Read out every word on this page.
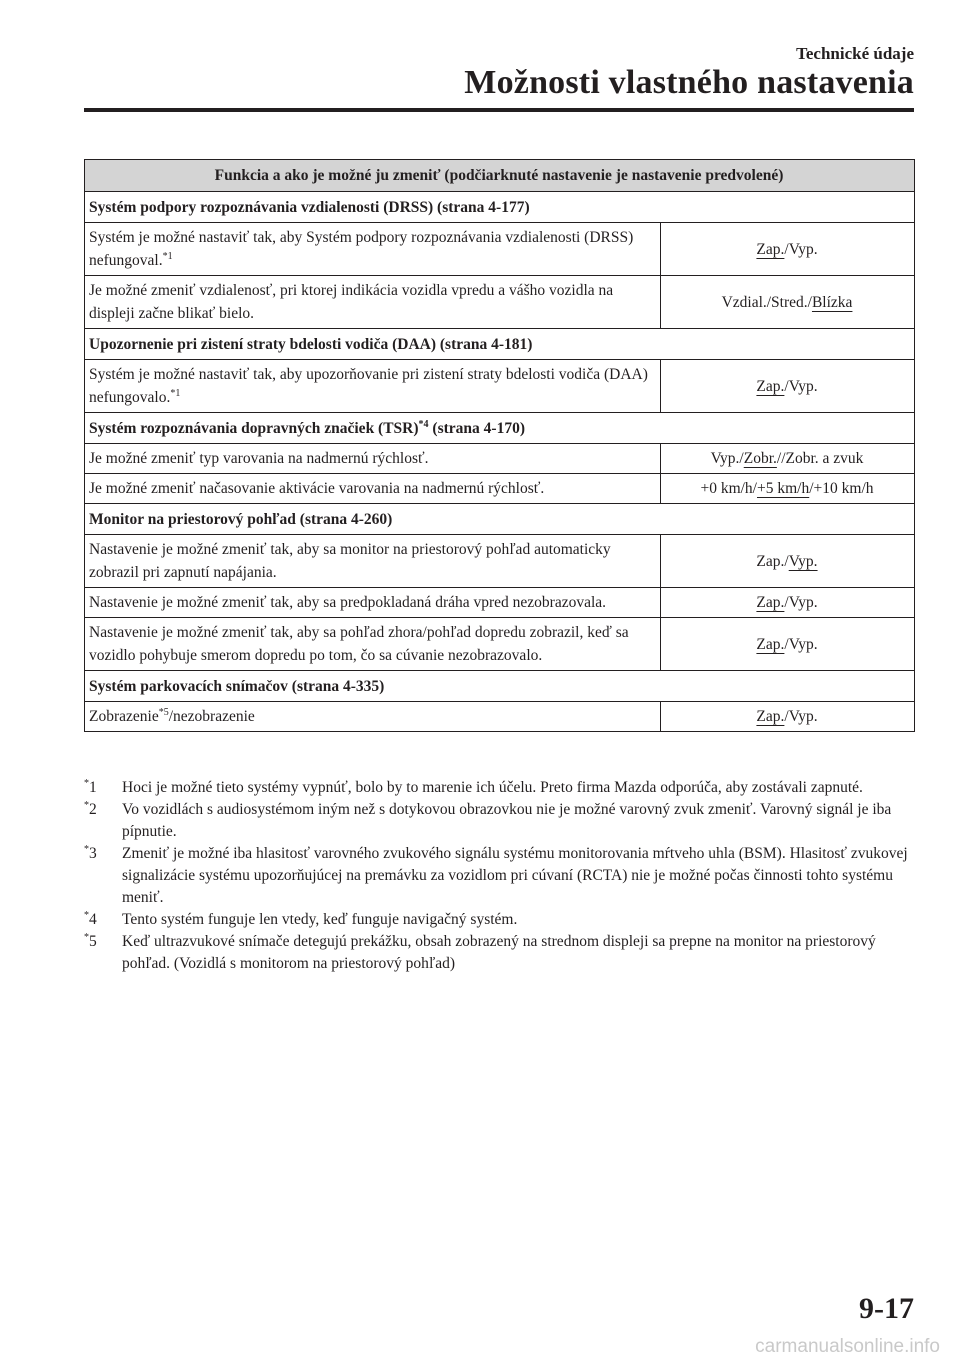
Technické údaje
Možnosti vlastného nastavenia
Funkcia a ako je možné ju zmeniť (podčiarknuté nastavenie je nastavenie predvolené)	
Systém podpory rozpoznávania vzdialenosti (DRSS) (strana 4-177)	
Systém je možné nastaviť tak, aby Systém podpory rozpoznávania vzdialenosti (DRSS) nefungoval.$^{*1}$	Zap./Vyp.
Je možné zmeniť vzdialenosť, pri ktorej indikácia vozidla vpredu a vášho vozidla na displeji začne blikať bielo.	Vzdial./Stred./Blízka
Upozornenie pri zistení straty bdelosti vodiča (DAA) (strana 4-181)	
Systém je možné nastaviť tak, aby upozorňovanie pri zistení straty bdelosti vodiča (DAA) nefungovalo.$^{*1}$	Zap./Vyp.
Systém rozpoznávania dopravných značiek (TSR)$^{*4}$ (strana 4-170)	
Je možné zmeniť typ varovania na nadmernú rýchlosť.	Vyp./Zobr.//Zobr. a zvuk
Je možné zmeniť načasovanie aktivácie varovania na nadmernú rýchlosť.	+0 km/h/+5 km/h/+10 km/h
Monitor na priestorový pohľad (strana 4-260)	
Nastavenie je možné zmeniť tak, aby sa monitor na priestorový pohľad automaticky zobrazil pri zapnutí napájania.	Zap./Vyp.
Nastavenie je možné zmeniť tak, aby sa predpokladaná dráha vpred nezobrazovala.	Zap./Vyp.
Nastavenie je možné zmeniť tak, aby sa pohľad zhora/pohľad dopredu zobrazil, keď sa vozidlo pohybuje smerom dopredu po tom, čo sa cúvanie nezobrazovalo.	Zap./Vyp.
Systém parkovacích snímačov (strana 4-335)	
Zobrazenie$^{*5}$/nezobrazenie	Zap./Vyp.
*1 Hoci je možné tieto systémy vypnúť, bolo by to marenie ich účelu. Preto firma Mazda odporúča, aby zostávali zapnuté.
*2 Vo vozidlách s audiosystémom iným než s dotykovou obrazovkou nie je možné varovný zvuk zmeniť. Varovný signál je iba pípnutie.
*3 Zmeniť je možné iba hlasitosť varovného zvukového signálu systému monitorovania mŕtveho uhla (BSM). Hlasitosť zvukovej signalizácie systému upozorňujúcej na premávku za vozidlom pri cúvaní (RCTA) nie je možné počas činnosti tohto systému meniť.
*4 Tento systém funguje len vtedy, keď funguje navigačný systém.
*5 Keď ultrazvukové snímače detegujú prekážku, obsah zobrazený na strednom displeji sa prepne na monitor na priestorový pohľad. (Vozidlá s monitorom na priestorový pohľad)
9-17
carmanualsonline.info
